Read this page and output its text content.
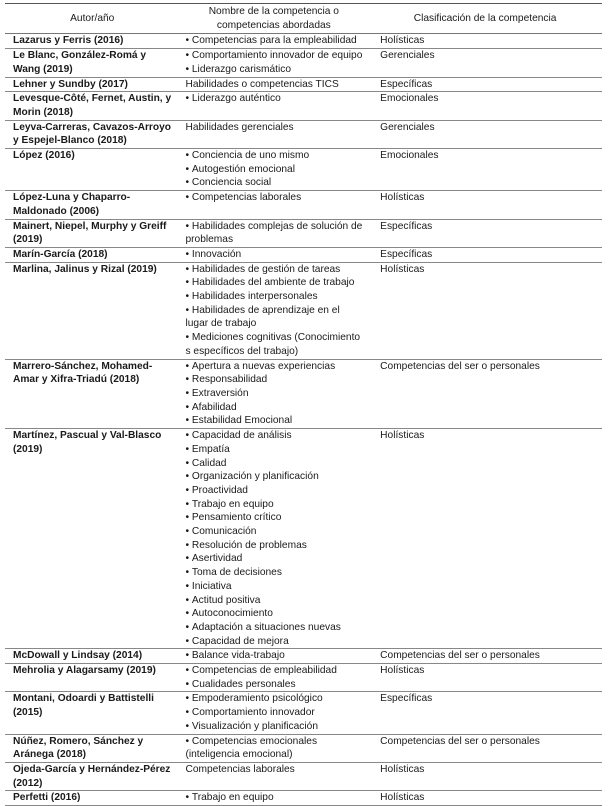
Autor/año	Nombre de la competencia o competencias abordadas	Clasificación de la competencia
Lazarus y Ferris (2016)	
•Competencias para la empleabilidad	Holísticas
Le Blanc, González-Romá y Wang (2019)	
• Comportamiento innovador de equipo
• Liderazgo carismático
	Gerenciales
Lehner y Sundby (2017)	Habilidades o competencias TICS	Específicas
Levesque-Côté, Fernet, Austin, y Morin (2018)	
• Liderazgo auténtico	Emocionales
Leyva-Carreras, Cavazos-Arroyo y Espejel-Blanco (2018)	
Habilidades gerenciales	Gerenciales
López (2016)	
•Conciencia de uno mismo
• Autogestión emocional
• Conciencia social
	Emocionales
López-Luna y Chaparro-Maldonado (2006)	
• Competencias laborales	Holísticas
Mainert, Niepel, Murphy y Greiff (2019)	
• Habilidades complejas de solución de problemas
	Específicas
Marín-García (2018)	
•Innovación	Específicas
Marlina, Jalinus y Rizal (2019)	
•Habilidades de gestión de tareas
• Habilidades del ambiente de trabajo
• Habilidades interpersonales
• Habilidades de aprendizaje en el lugar de trabajo
• Mediciones cognitivas (Conocimiento s específicos del trabajo)
	Holísticas
Marrero-Sánchez, Mohamed-Amar y Xifra-Triadú (2018)	
• Apertura a nuevas experiencias
• Responsabilidad
• Extraversión
• Afabilidad
• Estabilidad Emocional
	Competencias del ser o personales
Martínez, Pascual y Val-Blasco (2019)	
• Capacidad de análisis
• Empatía
• Calidad
• Organización y planificación
• Proactividad
• Trabajo en equipo
• Pensamiento crítico
• Comunicación
• Resolución de problemas
• Asertividad
• Toma de decisiones
• Iniciativa
• Actitud positiva
• Autoconocimiento
• Adaptación a situaciones nuevas
• Capacidad de mejora
	Holísticas
McDowall y Lindsay (2014)	
•Balance vida-trabajo	Competencias del ser o personales
Mehrolia y Alagarsamy (2019)	
•Competencias de empleabilidad
• Cualidades personales
	Holísticas
Montani, Odoardi y Battistelli (2015)	
• Empoderamiento psicológico
• Comportamiento innovador
• Visualización y planificación
	Específicas
Núñez, Romero, Sánchez y Aránega (2018)	
• Competencias emocionales (inteligencia emocional)
	Competencias del ser o personales
Ojeda-García y Hernández-Pérez (2012)	
Competencias laborales	Holísticas
Perfetti (2016)	
•Trabajo en equipo	Holísticas
